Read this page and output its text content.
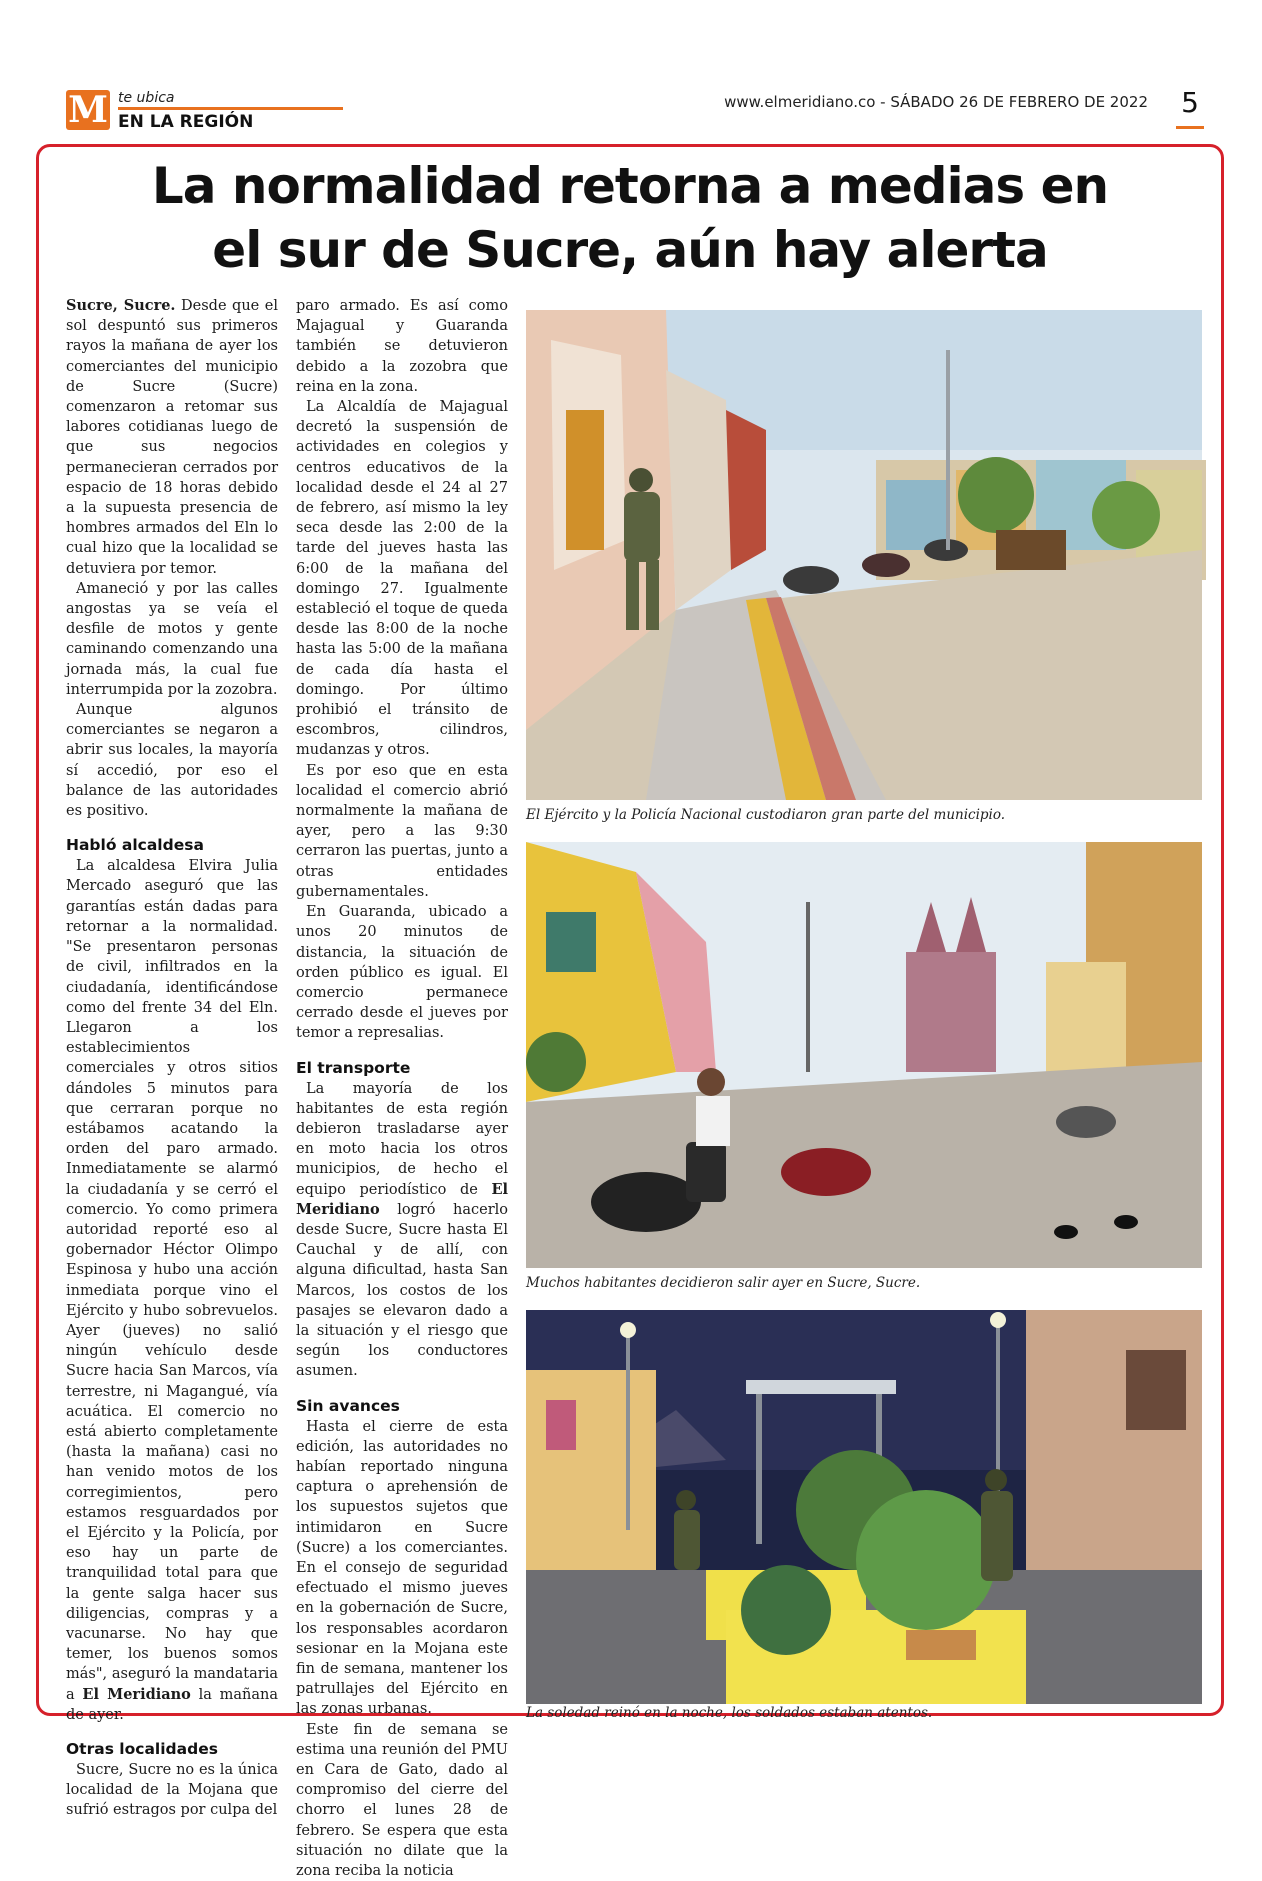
M te ubica
EN LA REGIÓN
www.elmeridiano.co - SÁBADO 26 DE FEBRERO DE 2022	5
La normalidad retorna a medias en
el sur de Sucre, aún hay alerta

Sucre, Sucre. Desde que el sol despuntó sus primeros rayos la mañana de ayer los comerciantes del municipio de Sucre (Sucre) comenzaron a retomar sus labores cotidianas luego de que sus negocios permanecieran cerrados por espacio de 18 horas debido a la supuesta presencia de hombres armados del Eln lo cual hizo que la localidad se detuviera por temor.

Amaneció y por las calles angostas ya se veía el desfile de motos y gente caminando comenzando una jornada más, la cual fue interrumpida por la zozobra.

Aunque algunos comerciantes se negaron a abrir sus locales, la mayoría sí accedió, por eso el balance de las autoridades es positivo.

Habló alcaldesa

La alcaldesa Elvira Julia Mercado aseguró que las garantías están dadas para retornar a la normalidad. "Se presentaron personas de civil, infiltrados en la ciudadanía, identificándose como del frente 34 del Eln. Llegaron a los establecimientos comerciales y otros sitios dándoles 5 minutos para que cerraran porque no estábamos acatando la orden del paro armado. Inmediatamente se alarmó la ciudadanía y se cerró el comercio. Yo como primera autoridad reporté eso al gobernador Héctor Olimpo Espinosa y hubo una acción inmediata porque vino el Ejército y hubo sobrevuelos. Ayer (jueves) no salió ningún vehículo desde Sucre hacia San Marcos, vía terrestre, ni Magangué, vía acuática. El comercio no está abierto completamente (hasta la mañana) casi no han venido motos de los corregimientos, pero estamos resguardados por el Ejército y la Policía, por eso hay un parte de tranquilidad total para que la gente salga hacer sus diligencias, compras y a vacunarse. No hay que temer, los buenos somos más", aseguró la mandataria a El Meridiano la mañana de ayer.

Otras localidades

Sucre, Sucre no es la única localidad de la Mojana que sufrió estragos por culpa del

paro armado. Es así como Majagual y Guaranda también se detuvieron debido a la zozobra que reina en la zona.

La Alcaldía de Majagual decretó la suspensión de actividades en colegios y centros educativos de la localidad desde el 24 al 27 de febrero, así mismo la ley seca desde las 2:00 de la tarde del jueves hasta las 6:00 de la mañana del domingo 27. Igualmente estableció el toque de queda desde las 8:00 de la noche hasta las 5:00 de la mañana de cada día hasta el domingo. Por último prohibió el tránsito de escombros, cilindros, mudanzas y otros.

Es por eso que en esta localidad el comercio abrió normalmente la mañana de ayer, pero a las 9:30 cerraron las puertas, junto a otras entidades gubernamentales.

En Guaranda, ubicado a unos 20 minutos de distancia, la situación de orden público es igual. El comercio permanece cerrado desde el jueves por temor a represalias.

El transporte

La mayoría de los habitantes de esta región debieron trasladarse ayer en moto hacia los otros municipios, de hecho el equipo periodístico de El Meridiano logró hacerlo desde Sucre, Sucre hasta El Cauchal y de allí, con alguna dificultad, hasta San Marcos, los costos de los pasajes se elevaron dado a la situación y el riesgo que según los conductores asumen.

Sin avances

Hasta el cierre de esta edición, las autoridades no habían reportado ninguna captura o aprehensión de los supuestos sujetos que intimidaron en Sucre (Sucre) a los comerciantes. En el consejo de seguridad efectuado el mismo jueves en la gobernación de Sucre, los responsables acordaron sesionar en la Mojana este fin de semana, mantener los patrullajes del Ejército en las zonas urbanas.

Este fin de semana se estima una reunión del PMU en Cara de Gato, dado al compromiso del cierre del chorro el lunes 28 de febrero. Se espera que esta situación no dilate que la zona reciba la noticia

El Ejército y la Policía Nacional custodiaron gran parte del municipio.
Muchos habitantes decidieron salir ayer en Sucre, Sucre.
La soledad reinó en la noche, los soldados estaban atentos.
